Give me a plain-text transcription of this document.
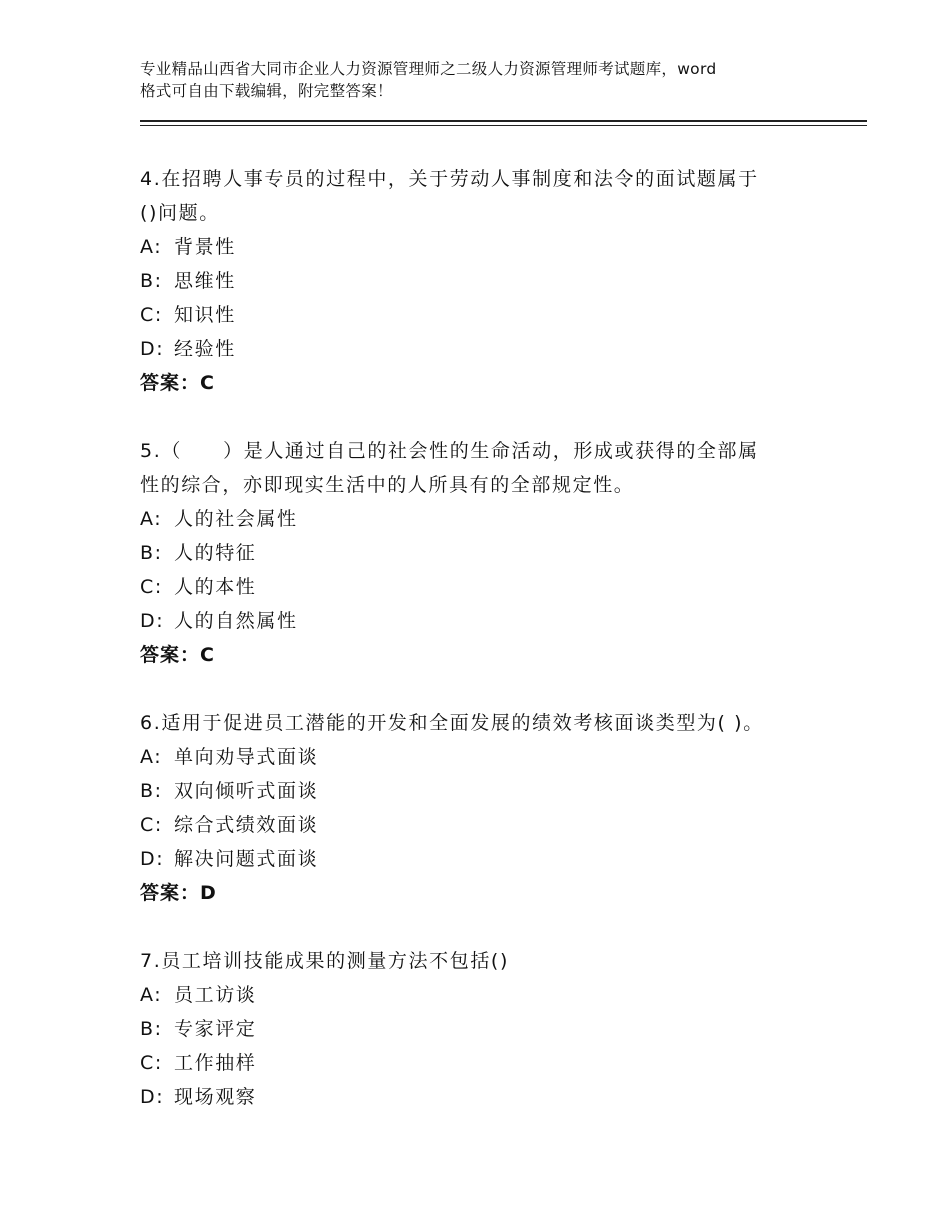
专业精品山西省大同市企业人力资源管理师之二级人力资源管理师考试题库，word
格式可自由下载编辑，附完整答案！
4.在招聘人事专员的过程中，关于劳动人事制度和法令的面试题属于
()问题。
A: 背景性
B: 思维性
C: 知识性
D: 经验性
答案：C
5.（　　）是人通过自己的社会性的生命活动，形成或获得的全部属
性的综合，亦即现实生活中的人所具有的全部规定性。
A: 人的社会属性
B: 人的特征
C: 人的本性
D: 人的自然属性
答案：C
6.适用于促进员工潜能的开发和全面发展的绩效考核面谈类型为( )。
A: 单向劝导式面谈
B: 双向倾听式面谈
C: 综合式绩效面谈
D: 解决问题式面谈
答案：D
7.员工培训技能成果的测量方法不包括()
A: 员工访谈
B: 专家评定
C: 工作抽样
D: 现场观察
